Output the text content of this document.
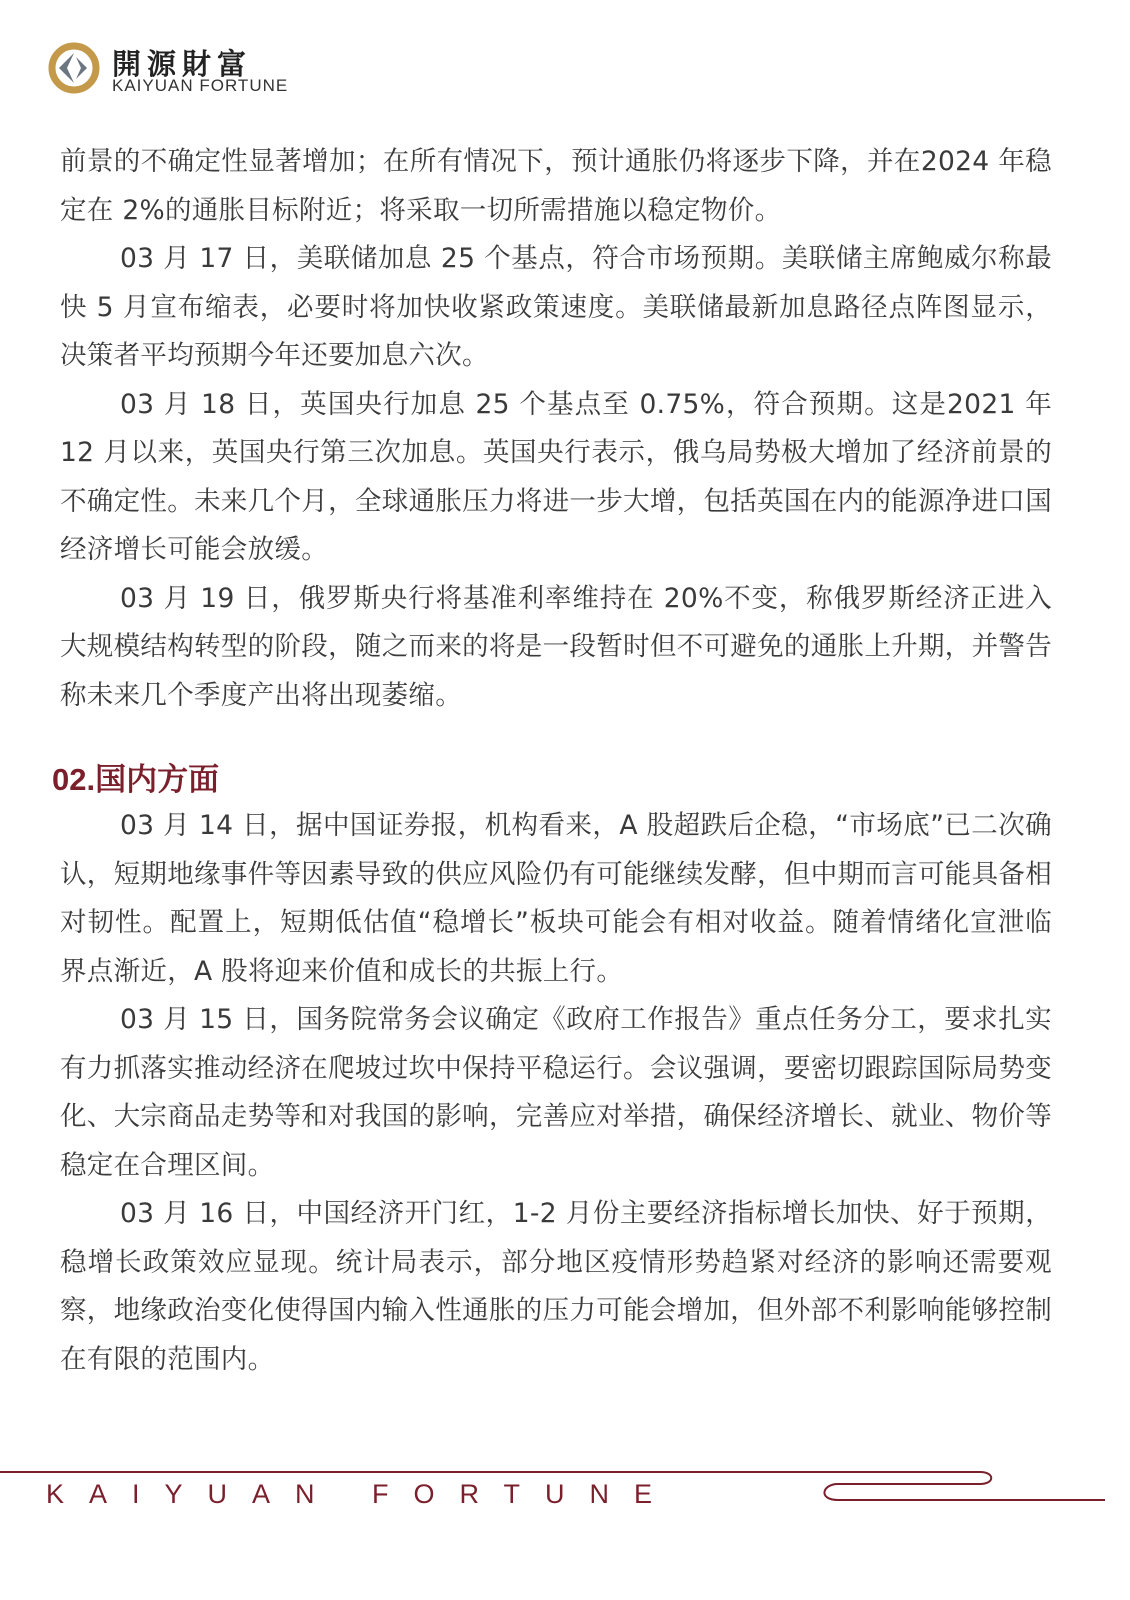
開源財富
KAIYUAN FORTUNE

前景的不确定性显著增加；在所有情况下，预计通胀仍将逐步下降，并在2024 年稳定在 2%的通胀目标附近；将采取一切所需措施以稳定物价。

03 月 17 日，美联储加息 25 个基点，符合市场预期。美联储主席鲍威尔称最快 5 月宣布缩表，必要时将加快收紧政策速度。美联储最新加息路径点阵图显示，决策者平均预期今年还要加息六次。

03 月 18 日，英国央行加息 25 个基点至 0.75%，符合预期。这是2021 年 12 月以来，英国央行第三次加息。英国央行表示，俄乌局势极大增加了经济前景的不确定性。未来几个月，全球通胀压力将进一步大增，包括英国在内的能源净进口国经济增长可能会放缓。

03 月 19 日，俄罗斯央行将基准利率维持在 20%不变，称俄罗斯经济正进入大规模结构转型的阶段，随之而来的将是一段暂时但不可避免的通胀上升期，并警告称未来几个季度产出将出现萎缩。

02.国内方面

03 月 14 日，据中国证券报，机构看来，A 股超跌后企稳，“市场底”已二次确认，短期地缘事件等因素导致的供应风险仍有可能继续发酵，但中期而言可能具备相对韧性。配置上，短期低估值“稳增长”板块可能会有相对收益。随着情绪化宣泄临界点渐近，A 股将迎来价值和成长的共振上行。

03 月 15 日，国务院常务会议确定《政府工作报告》重点任务分工，要求扎实有力抓落实推动经济在爬坡过坎中保持平稳运行。会议强调，要密切跟踪国际局势变化、大宗商品走势等和对我国的影响，完善应对举措，确保经济增长、就业、物价等稳定在合理区间。

03 月 16 日，中国经济开门红，1-2 月份主要经济指标增长加快、好于预期，稳增长政策效应显现。统计局表示，部分地区疫情形势趋紧对经济的影响还需要观察，地缘政治变化使得国内输入性通胀的压力可能会增加，但外部不利影响能够控制在有限的范围内。

KAIYUAN FORTUNE
